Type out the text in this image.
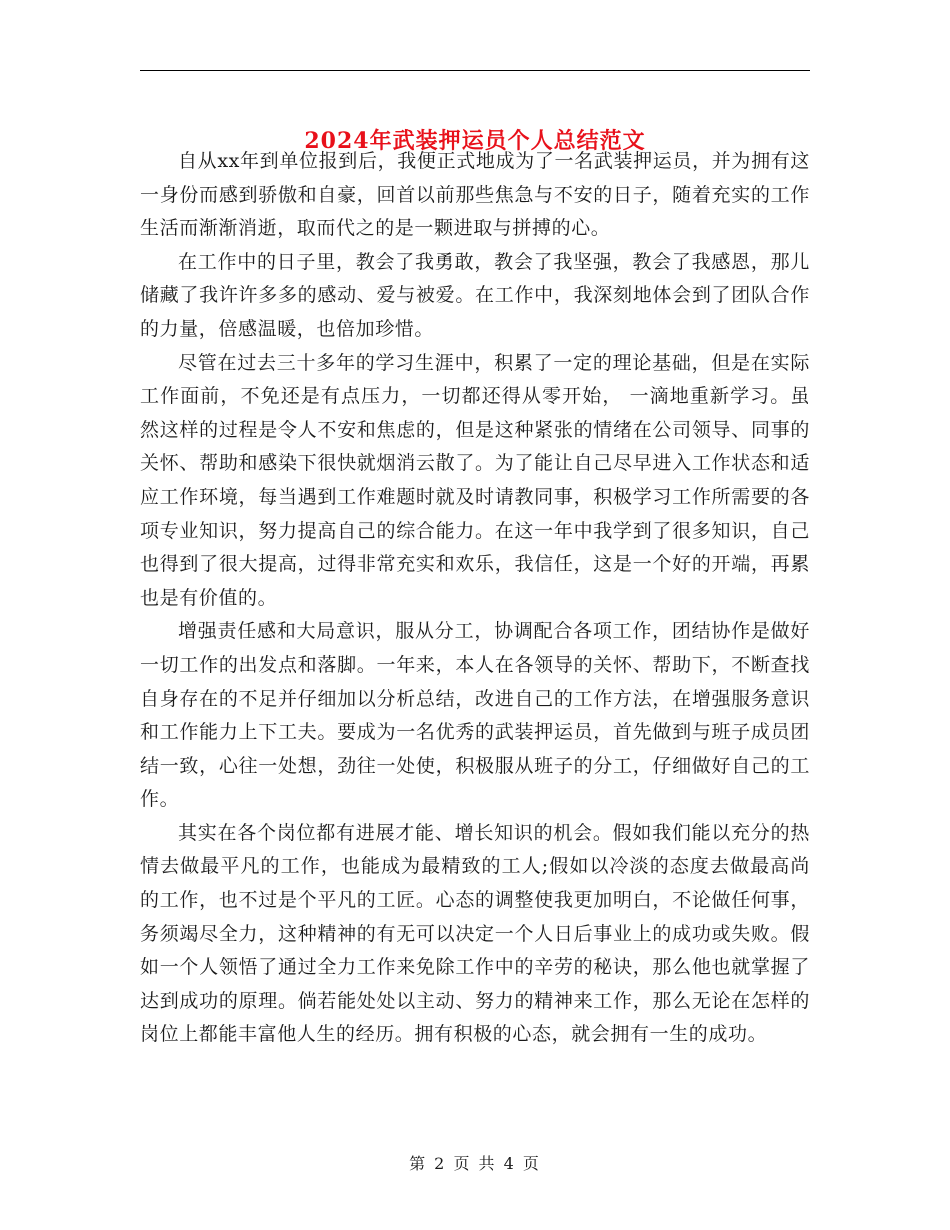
2024年武装押运员个人总结范文

自从xx年到单位报到后，我便正式地成为了一名武装押运员，并为拥有这一身份而感到骄傲和自豪，回首以前那些焦急与不安的日子，随着充实的工作生活而渐渐消逝，取而代之的是一颗进取与拼搏的心。

在工作中的日子里，教会了我勇敢，教会了我坚强，教会了我感恩，那儿储藏了我许许多多的感动、爱与被爱。在工作中，我深刻地体会到了团队合作的力量，倍感温暖，也倍加珍惜。

尽管在过去三十多年的学习生涯中，积累了一定的理论基础，但是在实际工作面前，不免还是有点压力，一切都还得从零开始， 一滴地重新学习。虽然这样的过程是令人不安和焦虑的，但是这种紧张的情绪在公司领导、同事的关怀、帮助和感染下很快就烟消云散了。为了能让自己尽早进入工作状态和适应工作环境，每当遇到工作难题时就及时请教同事，积极学习工作所需要的各项专业知识，努力提高自己的综合能力。在这一年中我学到了很多知识，自己也得到了很大提高，过得非常充实和欢乐，我信任，这是一个好的开端，再累也是有价值的。

增强责任感和大局意识，服从分工，协调配合各项工作，团结协作是做好一切工作的出发点和落脚。一年来，本人在各领导的关怀、帮助下，不断查找自身存在的不足并仔细加以分析总结，改进自己的工作方法，在增强服务意识和工作能力上下工夫。要成为一名优秀的武装押运员，首先做到与班子成员团结一致，心往一处想，劲往一处使，积极服从班子的分工，仔细做好自己的工作。

其实在各个岗位都有进展才能、增长知识的机会。假如我们能以充分的热情去做最平凡的工作，也能成为最精致的工人;假如以冷淡的态度去做最高尚的工作，也不过是个平凡的工匠。心态的调整使我更加明白，不论做任何事，务须竭尽全力，这种精神的有无可以决定一个人日后事业上的成功或失败。假如一个人领悟了通过全力工作来免除工作中的辛劳的秘诀，那么他也就掌握了达到成功的原理。倘若能处处以主动、努力的精神来工作，那么无论在怎样的岗位上都能丰富他人生的经历。拥有积极的心态，就会拥有一生的成功。

第 2 页 共 4 页
